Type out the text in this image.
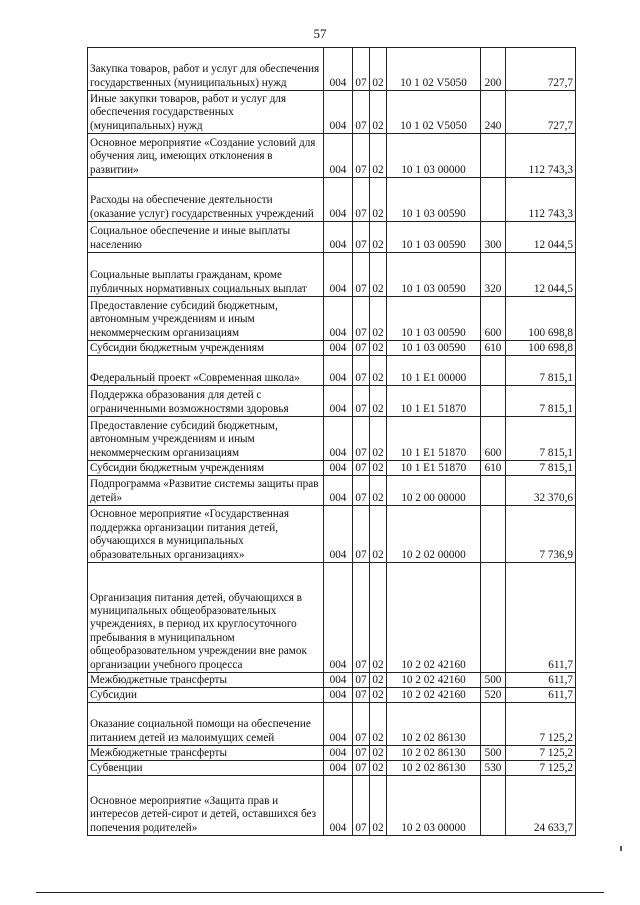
57
Закупка товаров, работ и услуг для обеспечения государственных (муниципальных) нужд	004	07	02	10 1 02 V5050	200	727,7
Иные закупки товаров, работ и услуг для обеспечения государственных (муниципальных) нужд	004	07	02	10 1 02 V5050	240	727,7
Основное мероприятие «Создание условий для обучения лиц, имеющих отклонения в развитии»	004	07	02	10 1 03 00000		112 743,3
Расходы на обеспечение деятельности (оказание услуг) государственных учреждений	004	07	02	10 1 03 00590		112 743,3
Социальное обеспечение и иные выплаты населению	004	07	02	10 1 03 00590	300	12 044,5
Социальные выплаты гражданам, кроме публичных нормативных социальных выплат	004	07	02	10 1 03 00590	320	12 044,5
Предоставление субсидий бюджетным, автономным учреждениям и иным некоммерческим организациям	004	07	02	10 1 03 00590	600	100 698,8
Субсидии бюджетным учреждениям	004	07	02	10 1 03 00590	610	100 698,8
Федеральный проект «Современная школа»	004	07	02	10 1 E1 00000		7 815,1
Поддержка образования для детей с ограниченными возможностями здоровья	004	07	02	10 1 E1 51870		7 815,1
Предоставление субсидий бюджетным, автономным учреждениям и иным некоммерческим организациям	004	07	02	10 1 E1 51870	600	7 815,1
Субсидии бюджетным учреждениям	004	07	02	10 1 E1 51870	610	7 815,1
Подпрограмма «Развитие системы защиты прав детей»	004	07	02	10 2 00 00000		32 370,6
Основное мероприятие «Государственная поддержка организации питания детей, обучающихся в муниципальных образовательных организациях»	004	07	02	10 2 02 00000		7 736,9
Организация питания детей, обучающихся в муниципальных общеобразовательных учреждениях, в период их круглосуточного пребывания в муниципальном общеобразовательном учреждении вне рамок организации учебного процесса	004	07	02	10 2 02 42160		611,7
Межбюджетные трансферты	004	07	02	10 2 02 42160	500	611,7
Субсидии	004	07	02	10 2 02 42160	520	611,7
Оказание социальной помощи на обеспечение питанием детей из малоимущих семей	004	07	02	10 2 02 86130		7 125,2
Межбюджетные трансферты	004	07	02	10 2 02 86130	500	7 125,2
Субвенции	004	07	02	10 2 02 86130	530	7 125,2
Основное мероприятие «Защита прав и интересов детей-сирот и детей, оставшихся без попечения родителей»	004	07	02	10 2 03 00000		24 633,7
